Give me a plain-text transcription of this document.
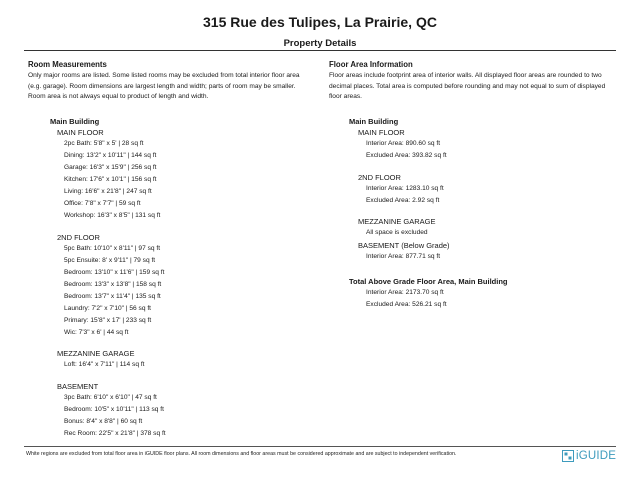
315 Rue des Tulipes, La Prairie, QC
Property Details
Room Measurements
Only major rooms are listed. Some listed rooms may be excluded from total interior floor area
(e.g. garage). Room dimensions are largest length and width; parts of room may be smaller.
Room area is not always equal to product of length and width.
Main Building
MAIN FLOOR
2pc Bath: 5'8" x 5' | 28 sq ft
Dining: 13'2" x 10'11" | 144 sq ft
Garage: 16'3" x 15'9" | 256 sq ft
Kitchen: 17'6" x 10'1" | 156 sq ft
Living: 16'6" x 21'8" | 247 sq ft
Office: 7'8" x 7'7" | 59 sq ft
Workshop: 16'3" x 8'5" | 131 sq ft
2ND FLOOR
5pc Bath: 10'10" x 8'11" | 97 sq ft
5pc Ensuite: 8' x 9'11" | 79 sq ft
Bedroom: 13'10" x 11'6" | 159 sq ft
Bedroom: 13'3" x 13'8" | 158 sq ft
Bedroom: 13'7" x 11'4" | 135 sq ft
Laundry: 7'2" x 7'10" | 56 sq ft
Primary: 15'8" x 17' | 233 sq ft
Wic: 7'3" x 6' | 44 sq ft
MEZZANINE GARAGE
Loft: 16'4" x 7'11" | 114 sq ft
BASEMENT
3pc Bath: 6'10" x 6'10" | 47 sq ft
Bedroom: 10'5" x 10'11" | 113 sq ft
Bonus: 8'4" x 8'8" | 60 sq ft
Rec Room: 22'5" x 21'8" | 378 sq ft
Floor Area Information
Floor areas include footprint area of interior walls. All displayed floor areas are rounded to two
decimal places. Total area is computed before rounding and may not equal to sum of displayed
floor areas.
Main Building
MAIN FLOOR
Interior Area: 890.60 sq ft
Excluded Area: 393.82 sq ft
2ND FLOOR
Interior Area: 1283.10 sq ft
Excluded Area: 2.92 sq ft
MEZZANINE GARAGE
All space is excluded
BASEMENT (Below Grade)
Interior Area: 877.71 sq ft
Total Above Grade Floor Area, Main Building
Interior Area: 2173.70 sq ft
Excluded Area: 526.21 sq ft
White regions are excluded from total floor area in iGUIDE floor plans. All room dimensions and floor areas must be considered approximate and are subject to independent verification.	iGUIDE
